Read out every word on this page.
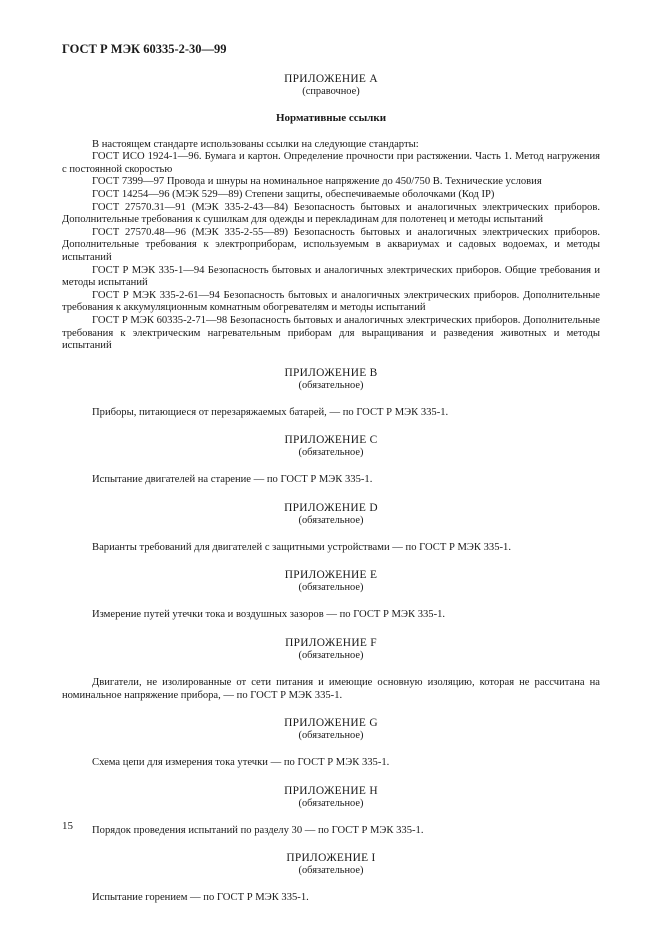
ГОСТ Р МЭК 60335-2-30—99
ПРИЛОЖЕНИЕ А
(справочное)
Нормативные ссылки

В настоящем стандарте использованы ссылки на следующие стандарты:

ГОСТ ИСО 1924-1—96. Бумага и картон. Определение прочности при растяжении. Часть 1. Метод нагружения с постоянной скоростью

ГОСТ 7399—97 Провода и шнуры на номинальное напряжение до 450/750 В. Технические условия

ГОСТ 14254—96 (МЭК 529—89) Степени защиты, обеспечиваемые оболочками (Код IP)

ГОСТ 27570.31—91 (МЭК 335-2-43—84) Безопасность бытовых и аналогичных электрических приборов. Дополнительные требования к сушилкам для одежды и перекладинам для полотенец и методы испытаний

ГОСТ 27570.48—96 (МЭК 335-2-55—89) Безопасность бытовых и аналогичных электрических приборов. Дополнительные требования к электроприборам, используемым в аквариумах и садовых водоемах, и методы испытаний

ГОСТ Р МЭК 335-1—94 Безопасность бытовых и аналогичных электрических приборов. Общие требования и методы испытаний

ГОСТ Р МЭК 335-2-61—94 Безопасность бытовых и аналогичных электрических приборов. Дополнительные требования к аккумуляционным комнатным обогревателям и методы испытаний

ГОСТ Р МЭК 60335-2-71—98 Безопасность бытовых и аналогичных электрических приборов. Дополнительные требования к электрическим нагревательным приборам для выращивания и разведения животных и методы испытаний

ПРИЛОЖЕНИЕ В
(обязательное)

Приборы, питающиеся от перезаряжаемых батарей, — по ГОСТ Р МЭК 335-1.

ПРИЛОЖЕНИЕ С
(обязательное)

Испытание двигателей на старение — по ГОСТ Р МЭК 335-1.

ПРИЛОЖЕНИЕ D
(обязательное)

Варианты требований для двигателей с защитными устройствами — по ГОСТ Р МЭК 335-1.

ПРИЛОЖЕНИЕ Е
(обязательное)

Измерение путей утечки тока и воздушных зазоров — по ГОСТ Р МЭК 335-1.

ПРИЛОЖЕНИЕ F
(обязательное)

Двигатели, не изолированные от сети питания и имеющие основную изоляцию, которая не рассчитана на номинальное напряжение прибора, — по ГОСТ Р МЭК 335-1.

ПРИЛОЖЕНИЕ G
(обязательное)

Схема цепи для измерения тока утечки — по ГОСТ Р МЭК 335-1.

ПРИЛОЖЕНИЕ Н
(обязательное)

Порядок проведения испытаний по разделу 30 — по ГОСТ Р МЭК 335-1.

ПРИЛОЖЕНИЕ I
(обязательное)

Испытание горением — по ГОСТ Р МЭК 335-1.

15
